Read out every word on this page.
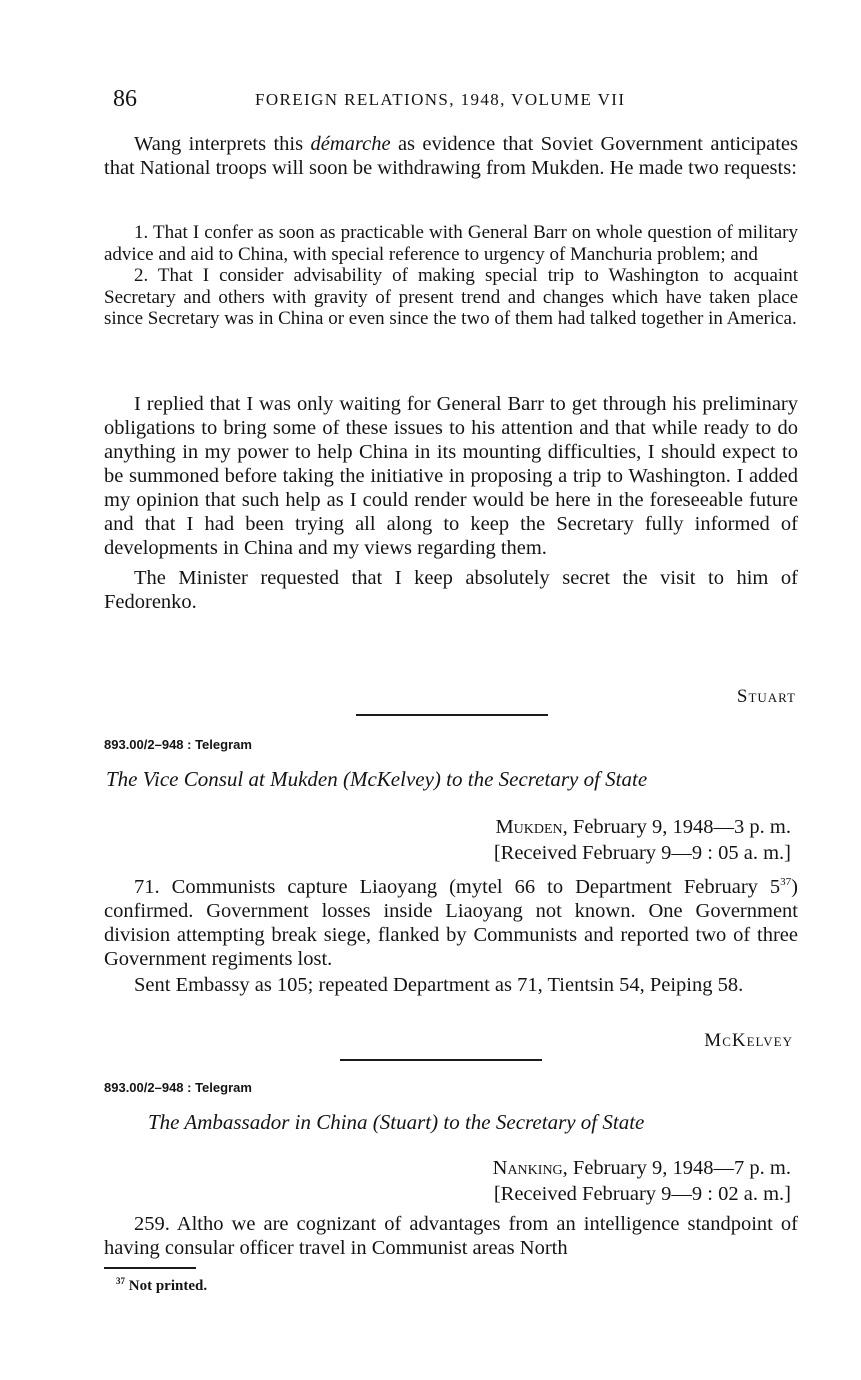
86	FOREIGN RELATIONS, 1948, VOLUME VII

Wang interprets this démarche as evidence that Soviet Government anticipates that National troops will soon be withdrawing from Mukden. He made two requests:

1. That I confer as soon as practicable with General Barr on whole question of military advice and aid to China, with special reference to urgency of Manchuria problem; and

2. That I consider advisability of making special trip to Washington to acquaint Secretary and others with gravity of present trend and changes which have taken place since Secretary was in China or even since the two of them had talked together in America.

I replied that I was only waiting for General Barr to get through his preliminary obligations to bring some of these issues to his attention and that while ready to do anything in my power to help China in its mounting difficulties, I should expect to be summoned before taking the initiative in proposing a trip to Washington. I added my opinion that such help as I could render would be here in the foreseeable future and that I had been trying all along to keep the Secretary fully informed of developments in China and my views regarding them.

The Minister requested that I keep absolutely secret the visit to him of Fedorenko.

Stuart
893.00/2–948 : Telegram
The Vice Consul at Mukden (McKelvey) to the Secretary of State
Mukden, February 9, 1948—3 p. m.
[Received February 9—9 : 05 a. m.]

71. Communists capture Liaoyang (mytel 66 to Department February $5^{37}$) confirmed. Government losses inside Liaoyang not known. One Government division attempting break siege, flanked by Communists and reported two of three Government regiments lost.

Sent Embassy as 105; repeated Department as 71, Tientsin 54, Peiping 58.

McKelvey
893.00/2–948 : Telegram
The Ambassador in China (Stuart) to the Secretary of State
Nanking, February 9, 1948—7 p. m.
[Received February 9—9 : 02 a. m.]

259. Altho we are cognizant of advantages from an intelligence standpoint of having consular officer travel in Communist areas North

$^{37}$ Not printed.
